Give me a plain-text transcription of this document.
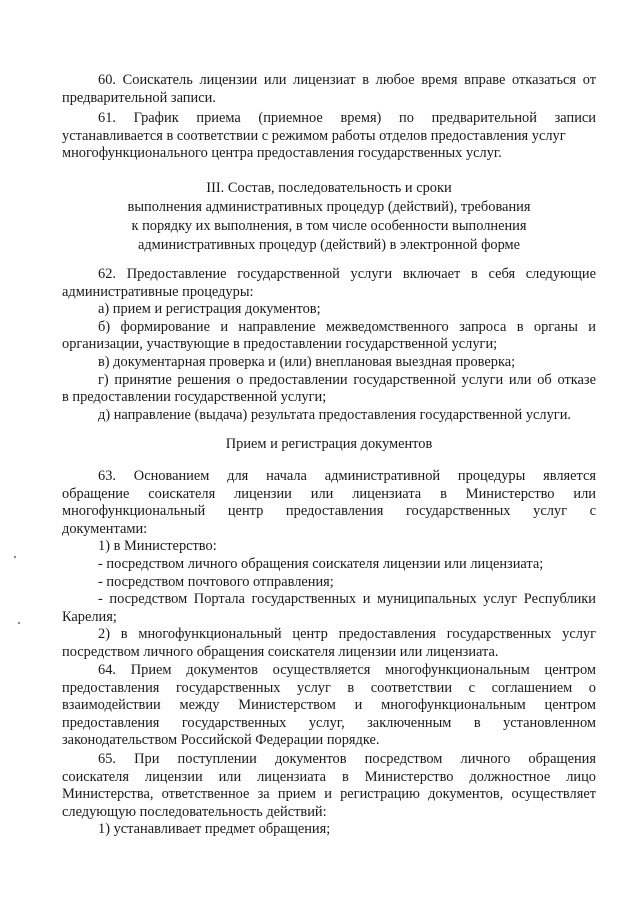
60. Соискатель лицензии или лицензиат в любое время вправе отказаться от
предварительной записи.
61. График приема (приемное время) по предварительной записи
устанавливается в соответствии с режимом работы отделов предоставления услуг
многофункционального центра предоставления государственных услуг.
III. Состав, последовательность и сроки
выполнения административных процедур (действий), требования
к порядку их выполнения, в том числе особенности выполнения
административных процедур (действий) в электронной форме
62. Предоставление государственной услуги включает в себя следующие
административные процедуры:
а) прием и регистрация документов;
б) формирование и направление межведомственного запроса в органы и
организации, участвующие в предоставлении государственной услуги;
в) документарная проверка и (или) внеплановая выездная проверка;
г) принятие решения о предоставлении государственной услуги или об отказе
в предоставлении государственной услуги;
д) направление (выдача) результата предоставления государственной услуги.
Прием и регистрация документов
63. Основанием для начала административной процедуры является
обращение соискателя лицензии или лицензиата в Министерство или
многофункциональный центр предоставления государственных услуг с
документами:
1) в Министерство:
- посредством личного обращения соискателя лицензии или лицензиата;
- посредством почтового отправления;
- посредством Портала государственных и муниципальных услуг Республики
Карелия;
2) в многофункциональный центр предоставления государственных услуг
посредством личного обращения соискателя лицензии или лицензиата.
64. Прием документов осуществляется многофункциональным центром
предоставления государственных услуг в соответствии с соглашением о
взаимодействии между Министерством и многофункциональным центром
предоставления государственных услуг, заключенным в установленном
законодательством Российской Федерации порядке.
65. При поступлении документов посредством личного обращения
соискателя лицензии или лицензиата в Министерство должностное лицо
Министерства, ответственное за прием и регистрацию документов, осуществляет
следующую последовательность действий:
1) устанавливает предмет обращения;
